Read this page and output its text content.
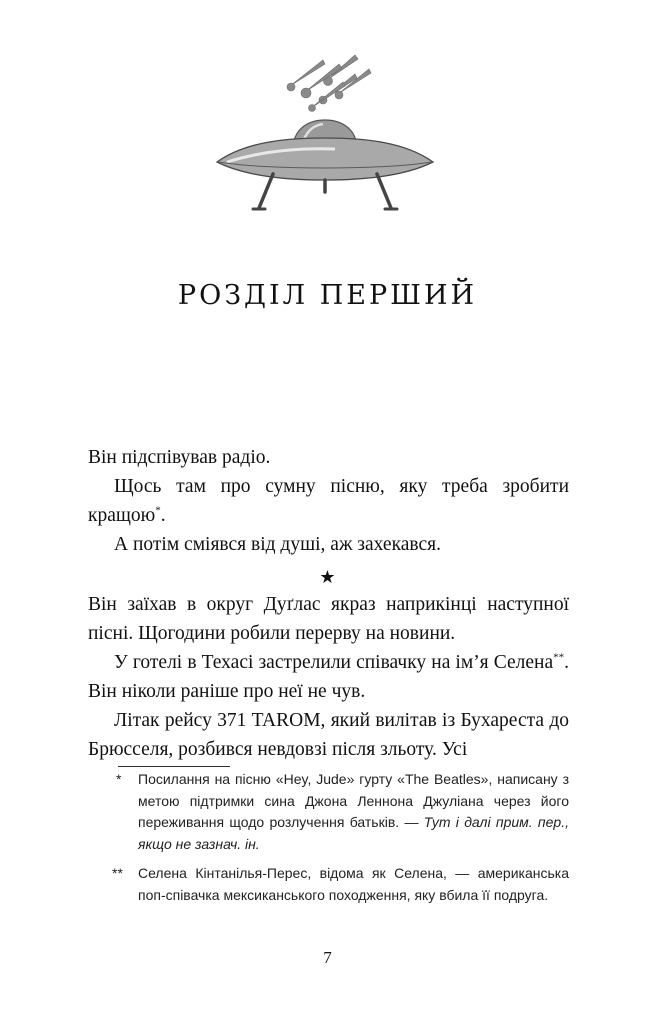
РОЗДІЛ ПЕРШИЙ

Він підспівував радіо.

Щось там про сумну пісню, яку треба зробити кращою*.

А потім сміявся від душі, аж захекався.

★

Він заїхав в округ Дуґлас якраз наприкінці наступної пісні. Щогодини робили перерву на новини.

У готелі в Техасі застрелили співачку на ім’я Селена**. Він ніколи раніше про неї не чув.

Літак рейсу 371 TAROM, який вилітав із Бухареста до Брюсселя, розбився невдовзі після зльоту. Усі

* Посилання на пісню «Hey, Jude» гурту «The Beatles», написану з метою підтримки сина Джона Леннона Джуліана через його переживання щодо розлучення батьків. — Тут і далі прим. пер., якщо не зазнач. ін.
** Селена Кінтанілья-Перес, відома як Селена, — американська поп-співачка мексиканського походження, яку вбила її подруга.
7
